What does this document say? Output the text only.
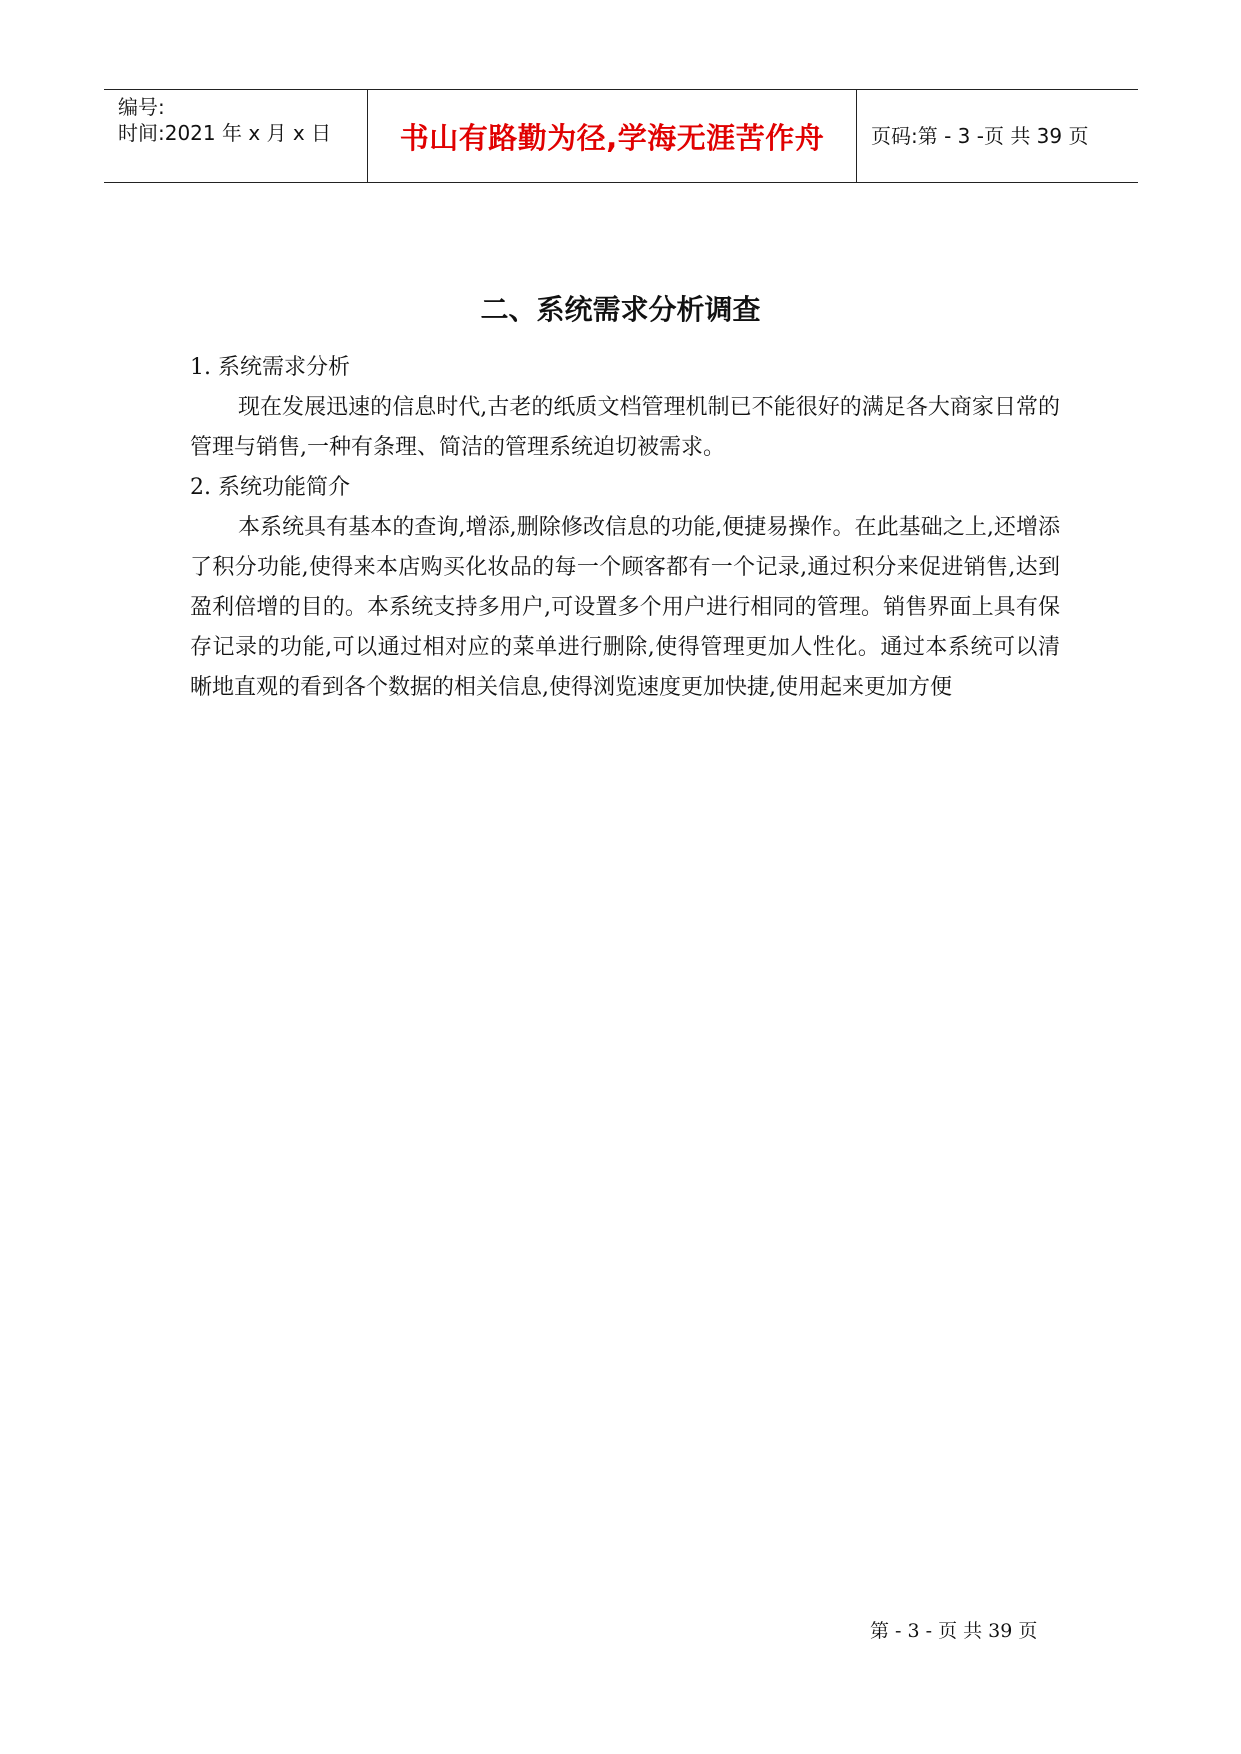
编号:
时间:2021 年 x 月 x 日 书山有路勤为径,学海无涯苦作舟 页码:第 - 3 -页 共 39 页
二、系统需求分析调查

1. 系统需求分析

现在发展迅速的信息时代,古老的纸质文档管理机制已不能很好的满足各大商家日常的管理与销售,一种有条理、简洁的管理系统迫切被需求。

2. 系统功能简介

本系统具有基本的查询,增添,删除修改信息的功能,便捷易操作。在此基础之上,还增添了积分功能,使得来本店购买化妆品的每一个顾客都有一个记录,通过积分来促进销售,达到盈利倍增的目的。本系统支持多用户,可设置多个用户进行相同的管理。销售界面上具有保存记录的功能,可以通过相对应的菜单进行删除,使得管理更加人性化。通过本系统可以清晰地直观的看到各个数据的相关信息,使得浏览速度更加快捷,使用起来更加方便

第 - 3 - 页 共 39 页
